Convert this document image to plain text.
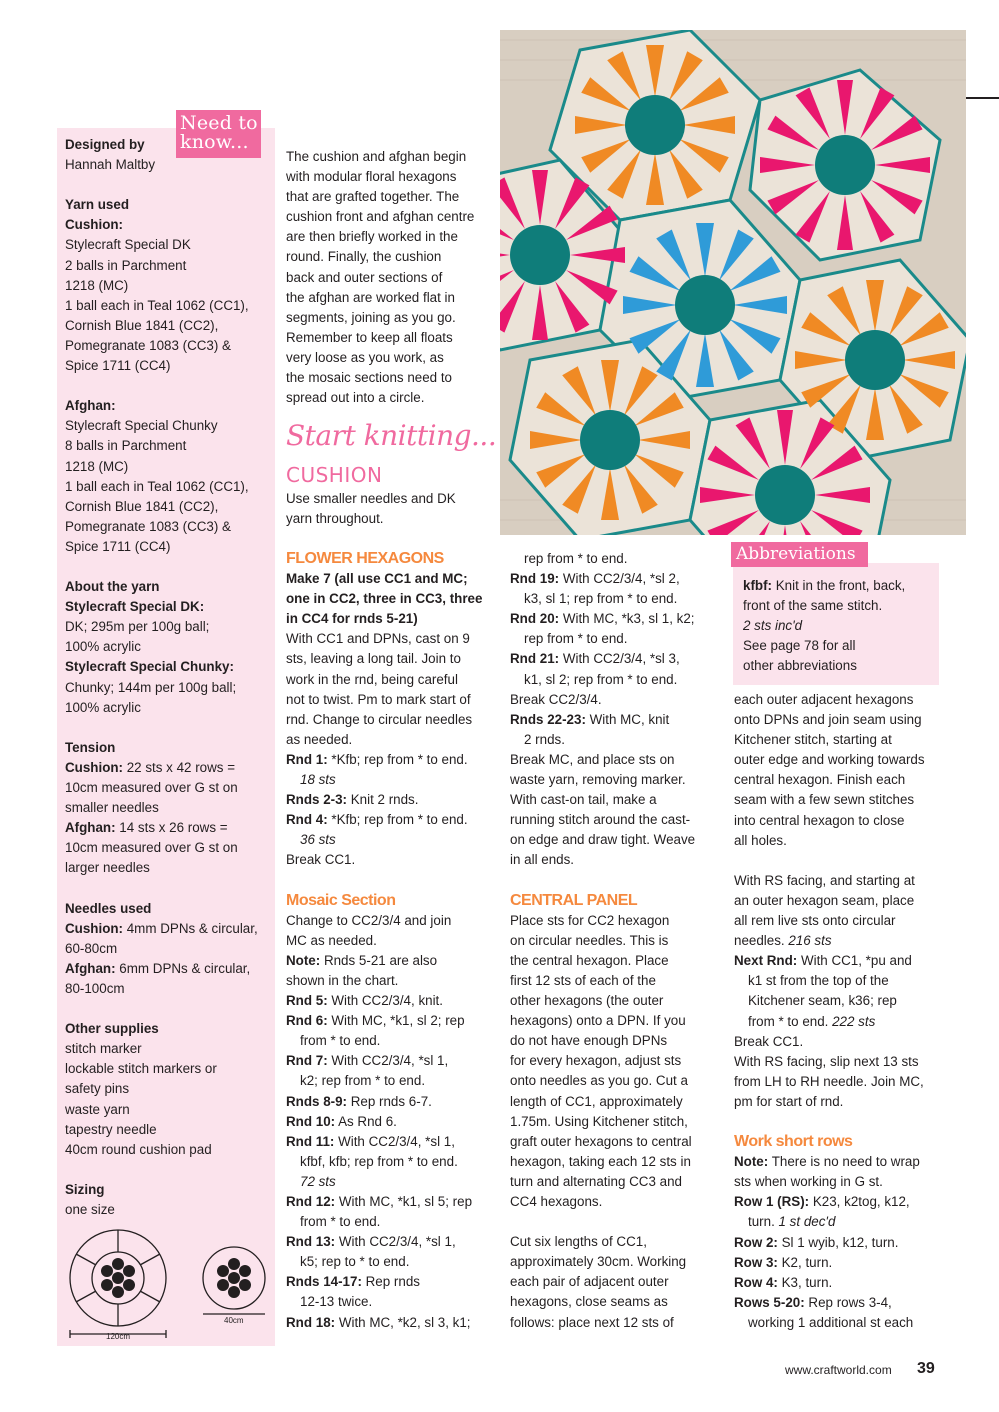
Designed by

Hannah Maltby

Yarn used

Cushion:

Stylecraft Special DK

2 balls in Parchment

1218 (MC)

1 ball each in Teal 1062 (CC1),

Cornish Blue 1841 (CC2),

Pomegranate 1083 (CC3) &

Spice 1711 (CC4)

Afghan:

Stylecraft Special Chunky

8 balls in Parchment

1218 (MC)

1 ball each in Teal 1062 (CC1),

Cornish Blue 1841 (CC2),

Pomegranate 1083 (CC3) &

Spice 1711 (CC4)

About the yarn

Stylecraft Special DK:

DK; 295m per 100g ball;

100% acrylic

Stylecraft Special Chunky:

Chunky; 144m per 100g ball;

100% acrylic

Tension

Cushion: 22 sts x 42 rows =

10cm measured over G st on

smaller needles

Afghan: 14 sts x 26 rows =

10cm measured over G st on

larger needles

Needles used

Cushion: 4mm DPNs & circular,

60-80cm

Afghan: 6mm DPNs & circular,

80-100cm

Other supplies

stitch marker

lockable stitch markers or

safety pins

waste yarn

tapestry needle

40cm round cushion pad

Sizing

one size

Need to know...
120cm
40cm

The cushion and afghan begin

with modular floral hexagons

that are grafted together. The

cushion front and afghan centre

are then briefly worked in the

round. Finally, the cushion

back and outer sections of

the afghan are worked flat in

segments, joining as you go.

Remember to keep all floats

very loose as you work, as

the mosaic sections need to

spread out into a circle.

Start knitting...
CUSHION

Use smaller needles and DK

yarn throughout.

FLOWER HEXAGONS

Make 7 (all use CC1 and MC;

one in CC2, three in CC3, three

in CC4 for rnds 5-21)

With CC1 and DPNs, cast on 9

sts, leaving a long tail. Join to

work in the rnd, being careful

not to twist. Pm to mark start of

rnd. Change to circular needles

as needed.

Rnd 1: *Kfb; rep from * to end.

18 sts

Rnds 2-3: Knit 2 rnds.

Rnd 4: *Kfb; rep from * to end.

36 sts

Break CC1.

Mosaic Section

Change to CC2/3/4 and join

MC as needed.

Note: Rnds 5-21 are also

shown in the chart.

Rnd 5: With CC2/3/4, knit.

Rnd 6: With MC, *k1, sl 2; rep

from * to end.

Rnd 7: With CC2/3/4, *sl 1,

k2; rep from * to end.

Rnds 8-9: Rep rnds 6-7.

Rnd 10: As Rnd 6.

Rnd 11: With CC2/3/4, *sl 1,

kfbf, kfb; rep from * to end.

72 sts

Rnd 12: With MC, *k1, sl 5; rep

from * to end.

Rnd 13: With CC2/3/4, *sl 1,

k5; rep to * to end.

Rnds 14-17: Rep rnds

12-13 twice.

Rnd 18: With MC, *k2, sl 3, k1;

rep from * to end.

Rnd 19: With CC2/3/4, *sl 2,

k3, sl 1; rep from * to end.

Rnd 20: With MC, *k3, sl 1, k2;

rep from * to end.

Rnd 21: With CC2/3/4, *sl 3,

k1, sl 2; rep from * to end.

Break CC2/3/4.

Rnds 22-23: With MC, knit

2 rnds.

Break MC, and place sts on

waste yarn, removing marker.

With cast-on tail, make a

running stitch around the cast-

on edge and draw tight. Weave

in all ends.

CENTRAL PANEL

Place sts for CC2 hexagon

on circular needles. This is

the central hexagon. Place

first 12 sts of each of the

other hexagons (the outer

hexagons) onto a DPN. If you

do not have enough DPNs

for every hexagon, adjust sts

onto needles as you go. Cut a

length of CC1, approximately

1.75m. Using Kitchener stitch,

graft outer hexagons to central

hexagon, taking each 12 sts in

turn and alternating CC3 and

CC4 hexagons.

Cut six lengths of CC1,

approximately 30cm. Working

each pair of adjacent outer

hexagons, close seams as

follows: place next 12 sts of

Abbreviations

kfbf: Knit in the front, back,

front of the same stitch.

2 sts inc'd

See page 78 for all

other abbreviations

each outer adjacent hexagons

onto DPNs and join seam using

Kitchener stitch, starting at

outer edge and working towards

central hexagon. Finish each

seam with a few sewn stitches

into central hexagon to close

all holes.

With RS facing, and starting at

an outer hexagon seam, place

all rem live sts onto circular

needles. 216 sts

Next Rnd: With CC1, *pu and

k1 st from the top of the

Kitchener seam, k36; rep

from * to end. 222 sts

Break CC1.

With RS facing, slip next 13 sts

from LH to RH needle. Join MC,

pm for start of rnd.

Work short rows

Note: There is no need to wrap

sts when working in G st.

Row 1 (RS): K23, k2tog, k12,

turn. 1 st dec'd

Row 2: Sl 1 wyib, k12, turn.

Row 3: K2, turn.

Row 4: K3, turn.

Rows 5-20: Rep rows 3-4,

working 1 additional st each

www.craftworld.com 39
